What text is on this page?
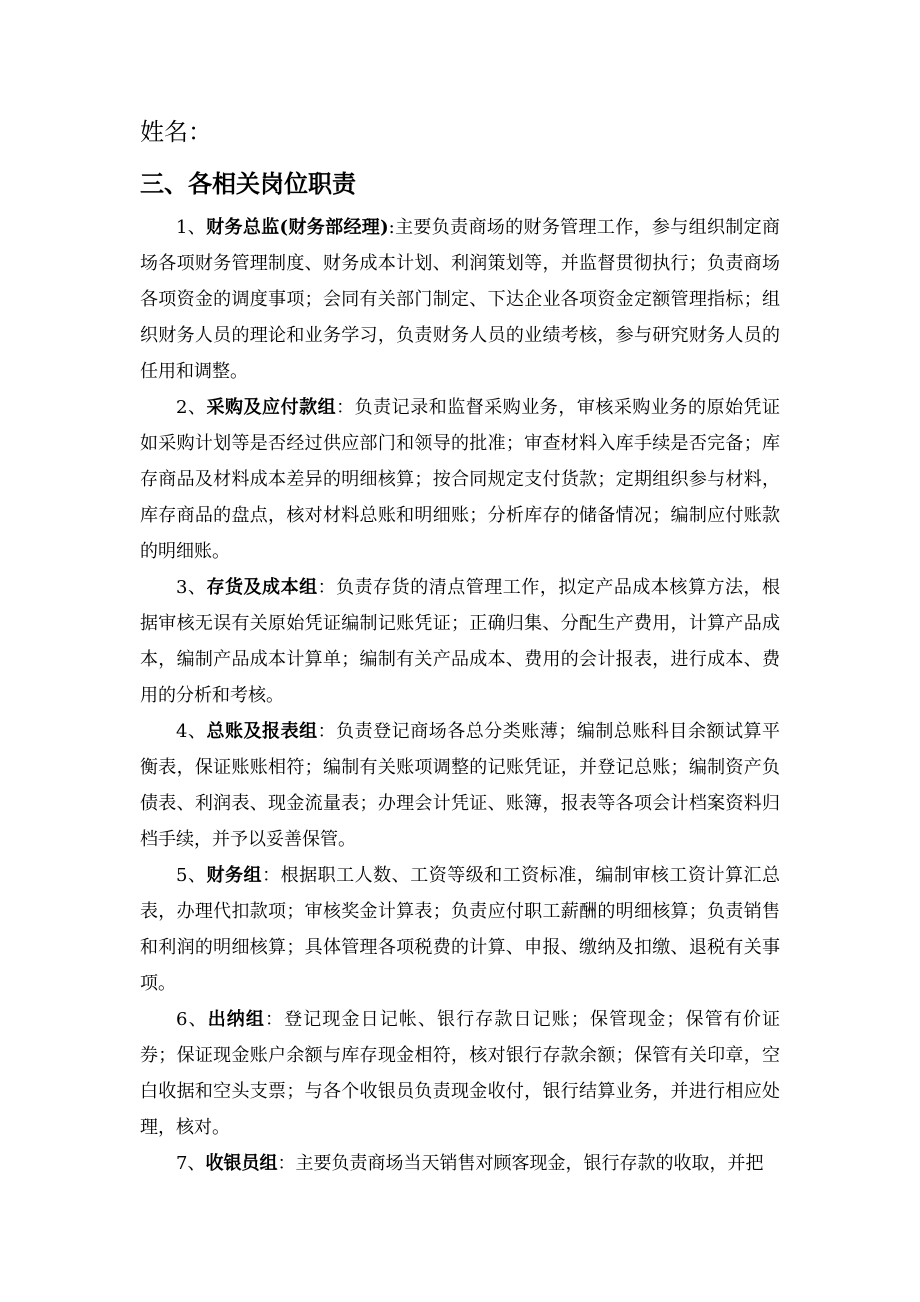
姓名：

三、各相关岗位职责

1、财务总监(财务部经理):主要负责商场的财务管理工作，参与组织制定商场各项财务管理制度、财务成本计划、利润策划等，并监督贯彻执行；负责商场各项资金的调度事项；会同有关部门制定、下达企业各项资金定额管理指标；组织财务人员的理论和业务学习，负责财务人员的业绩考核，参与研究财务人员的任用和调整。

2、采购及应付款组：负责记录和监督采购业务，审核采购业务的原始凭证如采购计划等是否经过供应部门和领导的批准；审查材料入库手续是否完备；库存商品及材料成本差异的明细核算；按合同规定支付货款；定期组织参与材料，库存商品的盘点，核对材料总账和明细账；分析库存的储备情况；编制应付账款的明细账。

3、存货及成本组：负责存货的清点管理工作，拟定产品成本核算方法，根据审核无误有关原始凭证编制记账凭证；正确归集、分配生产费用，计算产品成本，编制产品成本计算单；编制有关产品成本、费用的会计报表，进行成本、费用的分析和考核。

4、总账及报表组：负责登记商场各总分类账薄；编制总账科目余额试算平衡表，保证账账相符；编制有关账项调整的记账凭证，并登记总账；编制资产负债表、利润表、现金流量表；办理会计凭证、账簿，报表等各项会计档案资料归档手续，并予以妥善保管。

5、财务组：根据职工人数、工资等级和工资标准，编制审核工资计算汇总表，办理代扣款项；审核奖金计算表；负责应付职工薪酬的明细核算；负责销售和利润的明细核算；具体管理各项税费的计算、申报、缴纳及扣缴、退税有关事项。

6、出纳组：登记现金日记帐、银行存款日记账；保管现金；保管有价证券；保证现金账户余额与库存现金相符，核对银行存款余额；保管有关印章，空白收据和空头支票；与各个收银员负责现金收付，银行结算业务，并进行相应处理，核对。

7、收银员组：主要负责商场当天销售对顾客现金，银行存款的收取，并把
